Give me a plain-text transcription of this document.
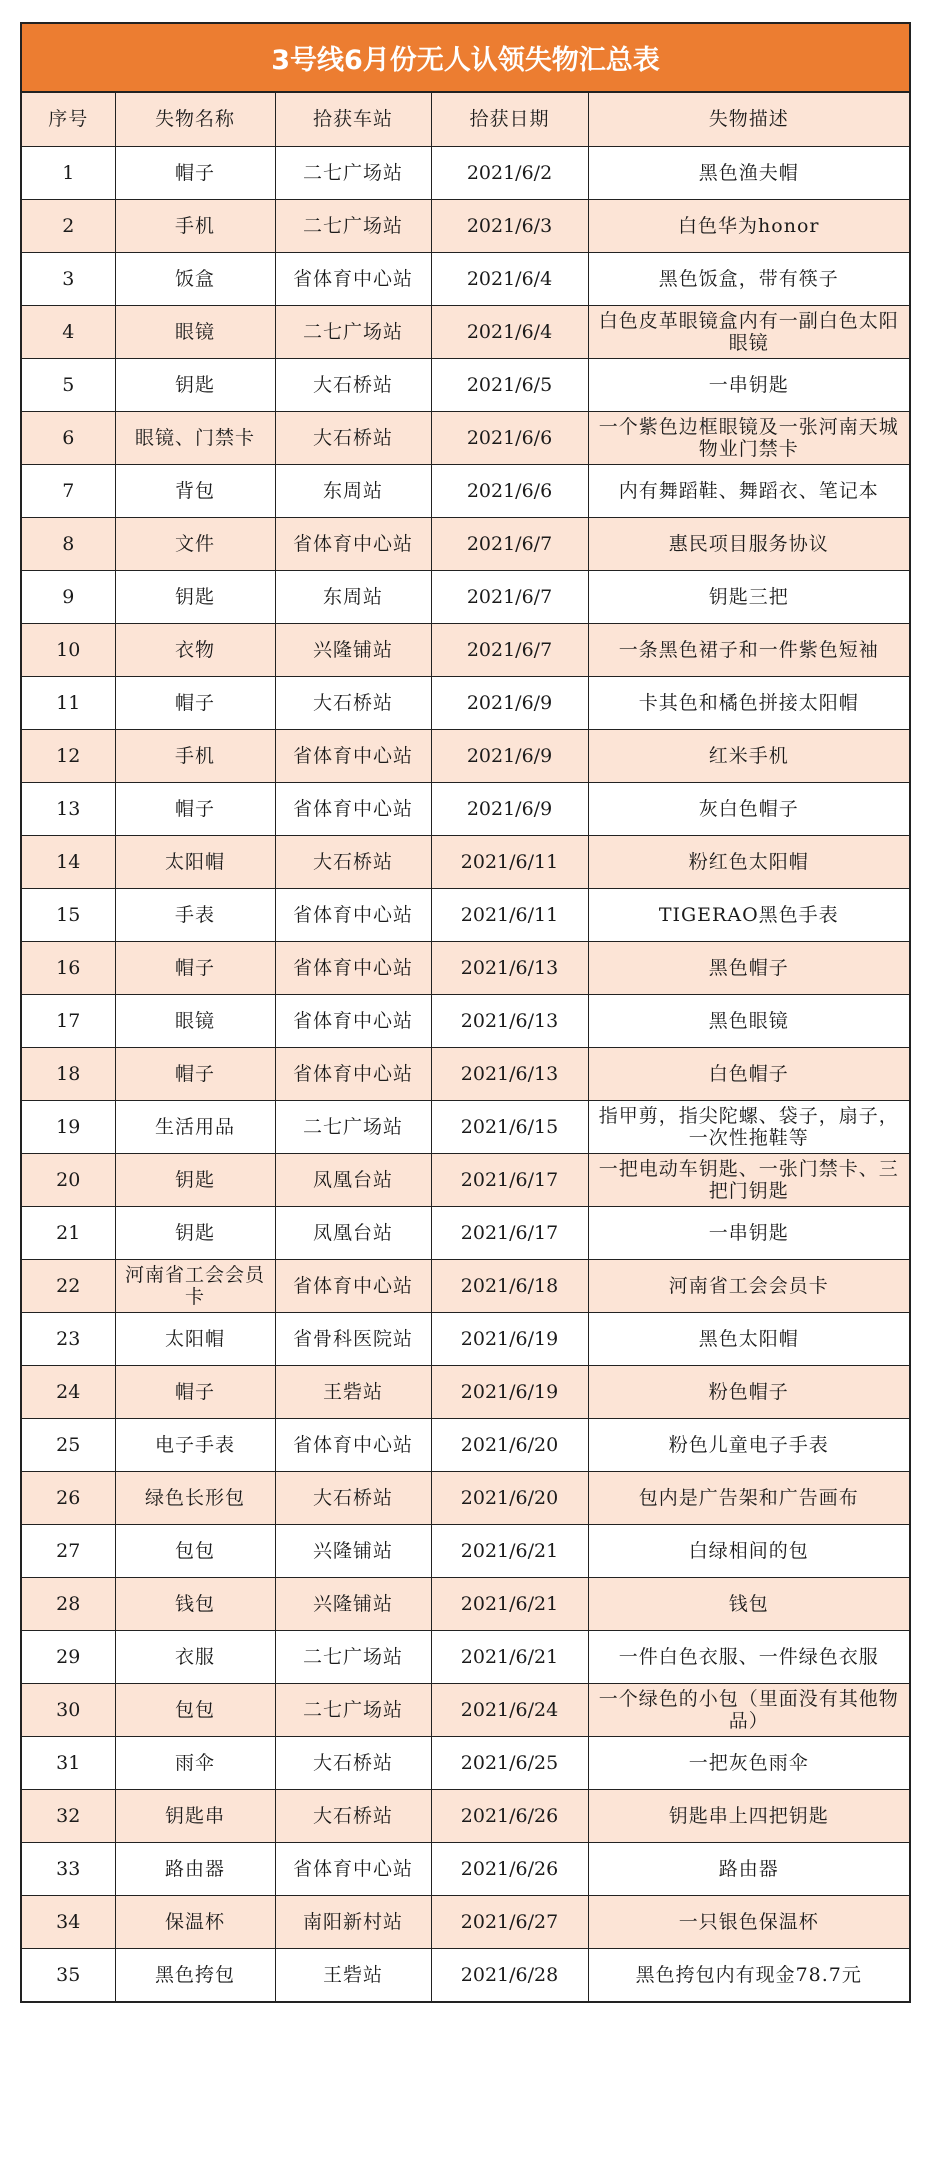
3号线6月份无人认领失物汇总表
序号	失物名称	拾获车站	拾获日期	失物描述
1	帽子	二七广场站	2021/6/2	黑色渔夫帽
2	手机	二七广场站	2021/6/3	白色华为honor
3	饭盒	省体育中心站	2021/6/4	黑色饭盒，带有筷子
4	眼镜	二七广场站	2021/6/4	白色皮革眼镜盒内有一副白色太阳眼镜
5	钥匙	大石桥站	2021/6/5	一串钥匙
6	眼镜、门禁卡	大石桥站	2021/6/6	一个紫色边框眼镜及一张河南天城物业门禁卡
7	背包	东周站	2021/6/6	内有舞蹈鞋、舞蹈衣、笔记本
8	文件	省体育中心站	2021/6/7	惠民项目服务协议
9	钥匙	东周站	2021/6/7	钥匙三把
10	衣物	兴隆铺站	2021/6/7	一条黑色裙子和一件紫色短袖
11	帽子	大石桥站	2021/6/9	卡其色和橘色拼接太阳帽
12	手机	省体育中心站	2021/6/9	红米手机
13	帽子	省体育中心站	2021/6/9	灰白色帽子
14	太阳帽	大石桥站	2021/6/11	粉红色太阳帽
15	手表	省体育中心站	2021/6/11	TIGERAO黑色手表
16	帽子	省体育中心站	2021/6/13	黑色帽子
17	眼镜	省体育中心站	2021/6/13	黑色眼镜
18	帽子	省体育中心站	2021/6/13	白色帽子
19	生活用品	二七广场站	2021/6/15	指甲剪，指尖陀螺、袋子，扇子，一次性拖鞋等
20	钥匙	凤凰台站	2021/6/17	一把电动车钥匙、一张门禁卡、三把门钥匙
21	钥匙	凤凰台站	2021/6/17	一串钥匙
22	河南省工会会员卡	省体育中心站	2021/6/18	河南省工会会员卡
23	太阳帽	省骨科医院站	2021/6/19	黑色太阳帽
24	帽子	王砦站	2021/6/19	粉色帽子
25	电子手表	省体育中心站	2021/6/20	粉色儿童电子手表
26	绿色长形包	大石桥站	2021/6/20	包内是广告架和广告画布
27	包包	兴隆铺站	2021/6/21	白绿相间的包
28	钱包	兴隆铺站	2021/6/21	钱包
29	衣服	二七广场站	2021/6/21	一件白色衣服、一件绿色衣服
30	包包	二七广场站	2021/6/24	一个绿色的小包（里面没有其他物品）
31	雨伞	大石桥站	2021/6/25	一把灰色雨伞
32	钥匙串	大石桥站	2021/6/26	钥匙串上四把钥匙
33	路由器	省体育中心站	2021/6/26	路由器
34	保温杯	南阳新村站	2021/6/27	一只银色保温杯
35	黑色挎包	王砦站	2021/6/28	黑色挎包内有现金78.7元
